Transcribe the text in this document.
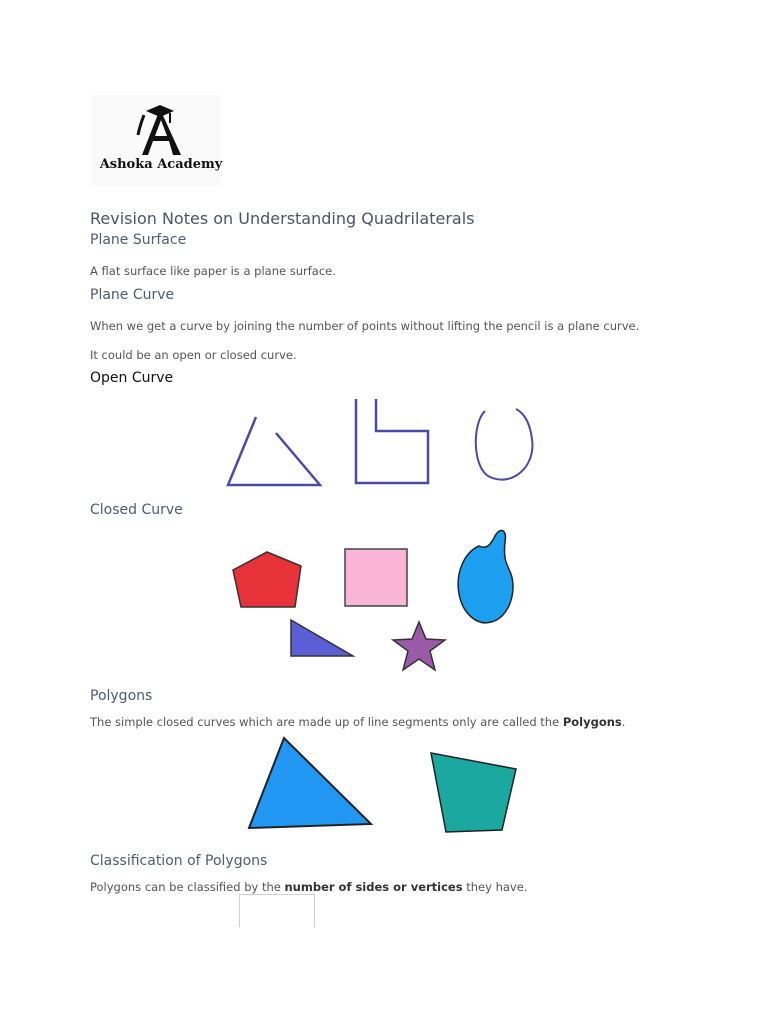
Ashoka Academy
Revision Notes on Understanding Quadrilaterals
Plane Surface
A flat surface like paper is a plane surface.
Plane Curve
When we get a curve by joining the number of points without lifting the pencil is a plane curve.
It could be an open or closed curve.
Open Curve
Closed Curve
Polygons
The simple closed curves which are made up of line segments only are called the Polygons.
Classification of Polygons
Polygons can be classified by the number of sides or vertices they have.
